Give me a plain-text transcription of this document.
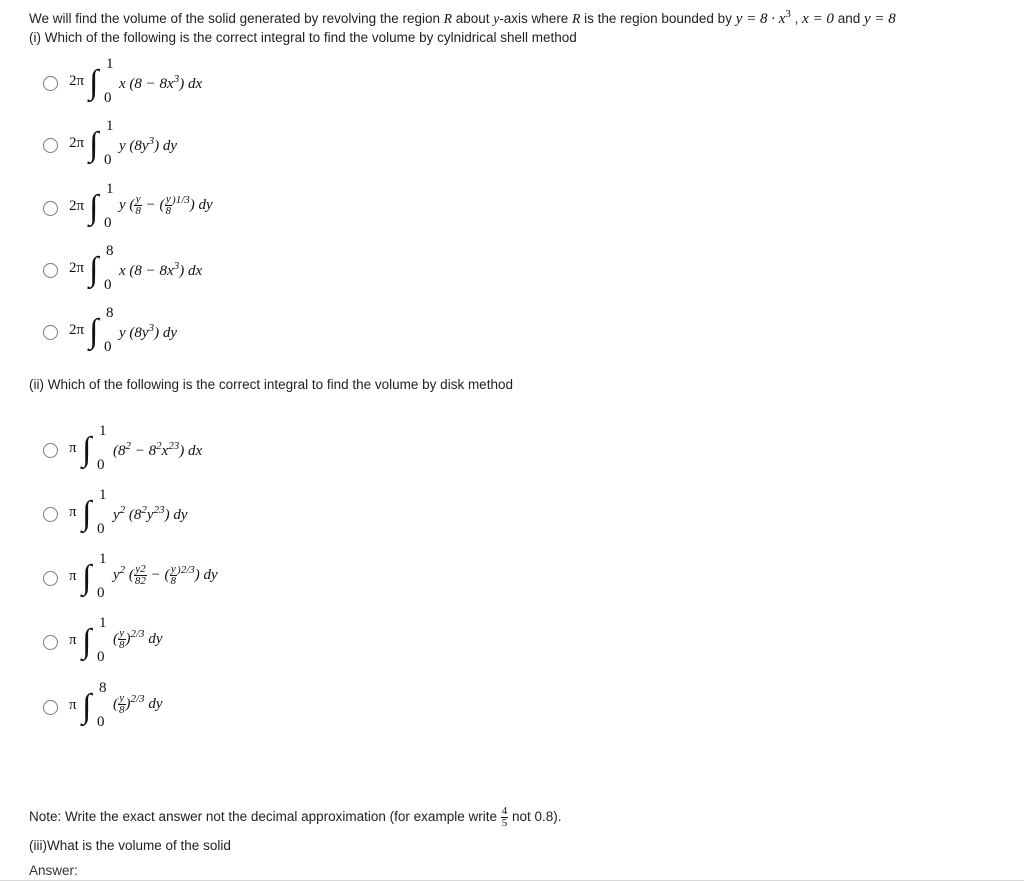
We will find the volume of the solid generated by revolving the region R about y-axis where R is the region bounded by $y = 8 \cdot x^3$ , x = 0 and y = 8
(i) Which of the following is the correct integral to find the volume by cylnidrical shell method
2π ∫ 1
0
x $(8 - 8x^3)$ dx
2π ∫ 1
0
y $(8y^3)$ dy
2π ∫ 1
0
y ( $\frac{y}{8}$ − ( $\frac{y}{8} ^{)1/3}$) dy
2π ∫ 8
0
x $(8 - 8x^3)$ dx
2π ∫ 8
0
y $(8y^3)$ dy
(ii) Which of the following is the correct integral to find the volume by disk method
π ∫ 1
0
$(8^2 - 8^2x^{23})$ dx
π ∫ 1
0
$y^2$ $(8^2y^{23})$ dy
π ∫ 1
0
$y^2$ ( $\frac{y2}{82}$ − ( $\frac{y}{8} ^{)2/3}$) dy
π ∫ 1
0
( $\frac{y}{8} )^{2/3}$ dy
π ∫ 8
0
( $\frac{y}{8} )^{2/3}$ dy
Note: Write the exact answer not the decimal approximation (for example write $\frac{4}{5}$ not 0.8).
(iii)What is the volume of the solid
Answer:
